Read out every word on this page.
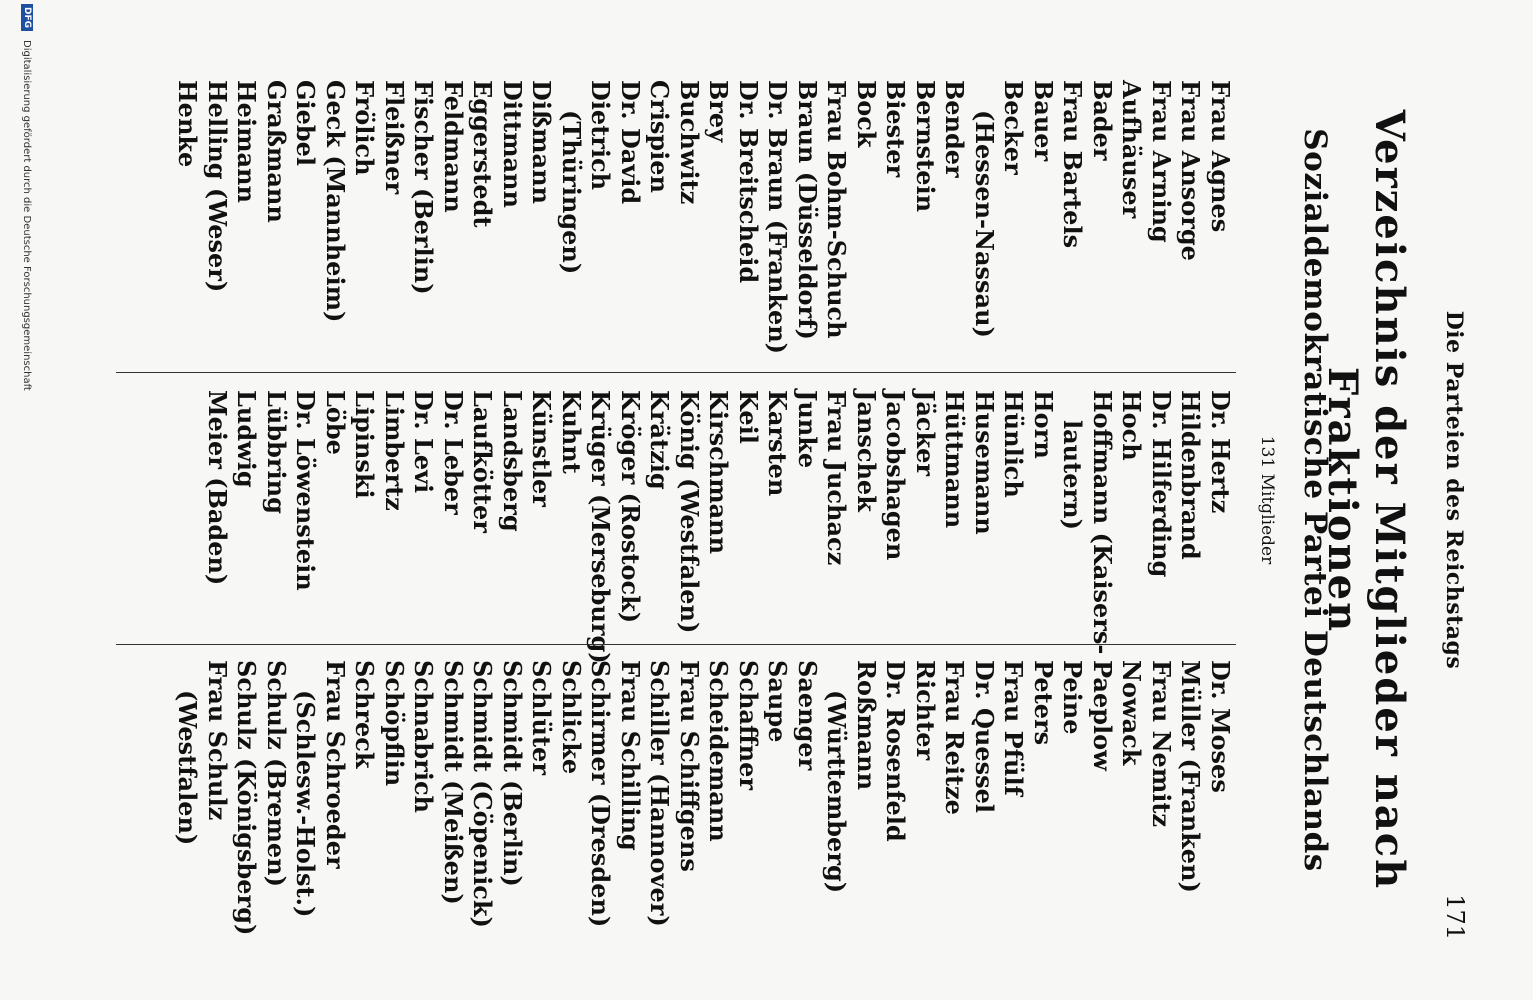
Die Parteien des Reichstags
171
Verzeichnis der Mitglieder nach Fraktionen
Sozialdemokratische Partei Deutschlands
131 Mitglieder
Frau Agnes
Frau Ansorge
Frau Arning
Aufhäuser
Bader
Frau Bartels
Bauer
Becker
(Hessen-Nassau)
Bender
Bernstein
Biester
Bock
Frau Bohm-Schuch
Braun (Düsseldorf)
Dr. Braun (Franken)
Dr. Breitscheid
Brey
Buchwitz
Crispien
Dr. David
Dietrich
(Thüringen)
Dißmann
Dittmann
Eggerstedt
Feldmann
Fischer (Berlin)
Fleißner
Frölich
Geck (Mannheim)
Giebel
Graßmann
Heimann
Helling (Weser)
Henke
Dr. Hertz
Hildenbrand
Dr. Hilferding
Hoch
Hoffmann (Kaisers-
lautern)
Horn
Hünlich
Husemann
Hüttmann
Jäcker
Jacobshagen
Janschek
Frau Juchacz
Junke
Karsten
Keil
Kirschmann
König (Westfalen)
Krätzig
Kröger (Rostock)
Krüger (Merseburg)
Kuhnt
Künstler
Landsberg
Laufkötter
Dr. Leber
Dr. Levi
Limbertz
Lipinski
Löbe
Dr. Löwenstein
Lübbring
Ludwig
Meier (Baden)
Dr. Moses
Müller (Franken)
Frau Nemitz
Nowack
Paeplow
Peine
Peters
Frau Pfülf
Dr. Quessel
Frau Reitze
Richter
Dr. Rosenfeld
Roßmann
(Württemberg)
Saenger
Saupe
Schaffner
Scheidemann
Frau Schiffgens
Schiller (Hannover)
Frau Schilling
Schirmer (Dresden)
Schlicke
Schlüter
Schmidt (Berlin)
Schmidt (Cöpenick)
Schmidt (Meißen)
Schnabrich
Schöpflin
Schreck
Frau Schroeder
(Schlesw.-Holst.)
Schulz (Bremen)
Schulz (Königsberg)
Frau Schulz
(Westfalen)
DFG
Digitalisierung gefördert durch die Deutsche Forschungsgemeinschaft
